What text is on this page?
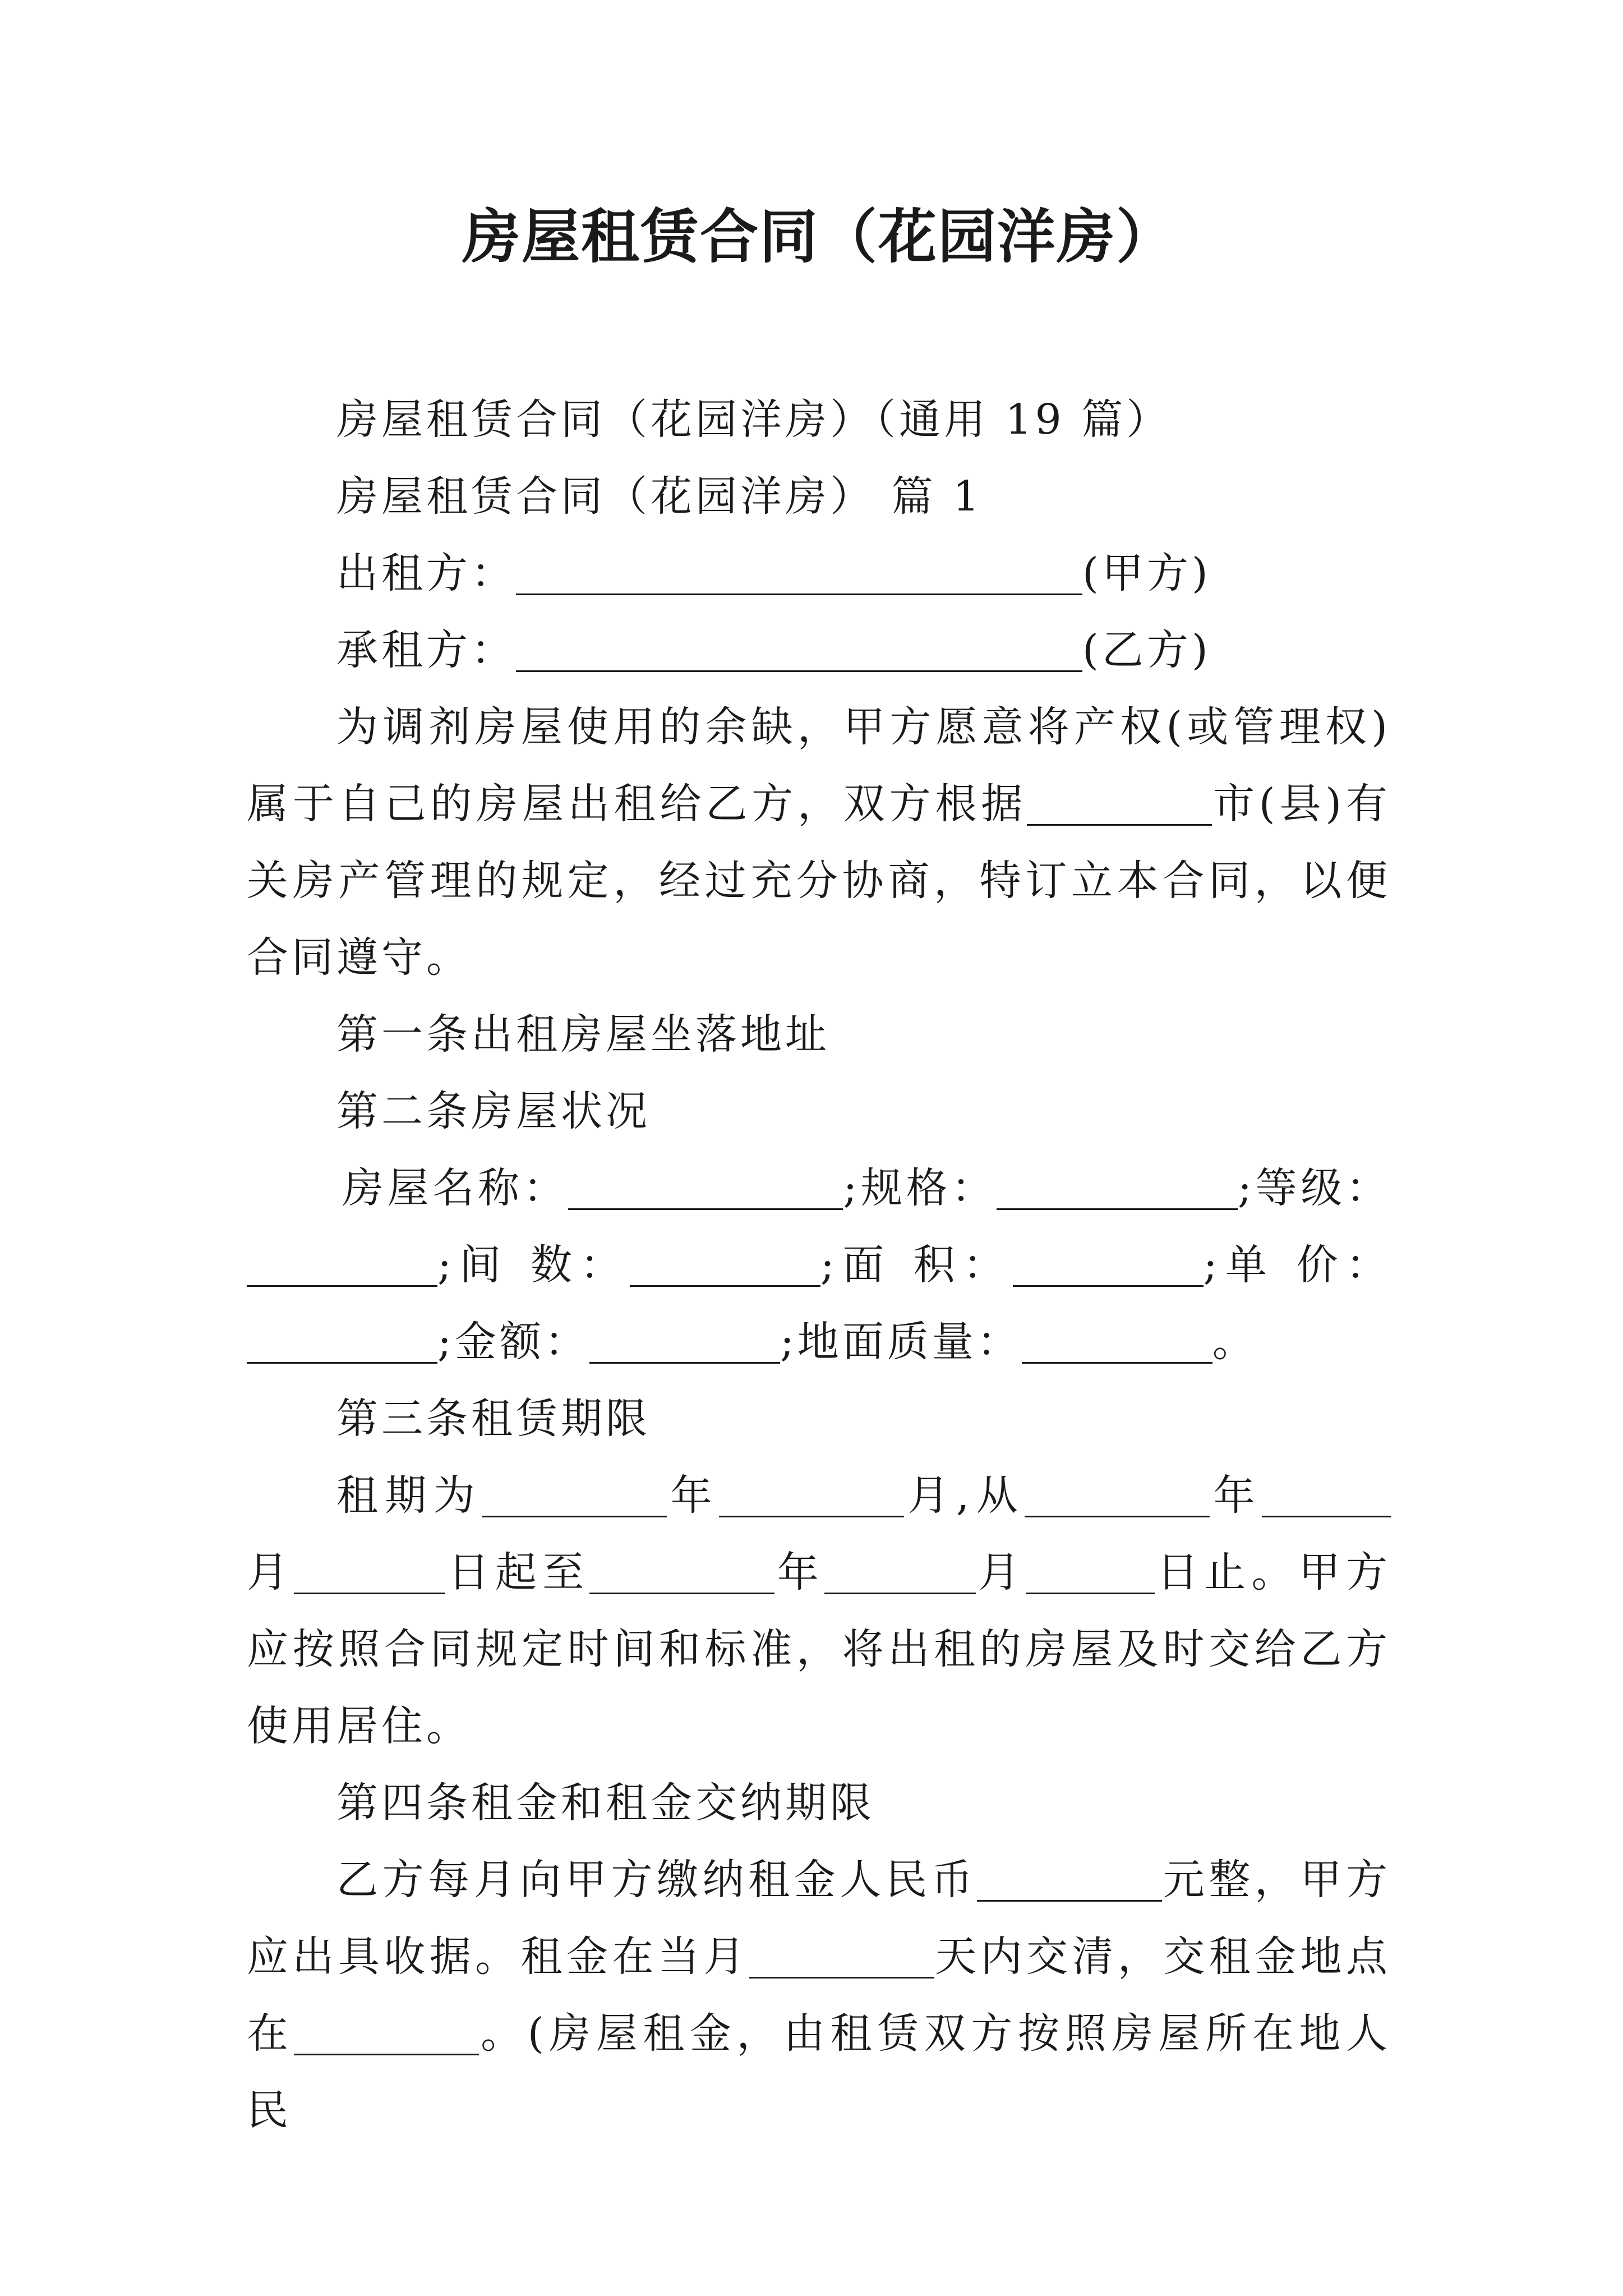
房屋租赁合同（花园洋房）

房屋租赁合同（花园洋房）（通用 19 篇）

房屋租赁合同（花园洋房） 篇 1

出租方：	(甲方)

承租方：	(乙方)

为调剂房屋使用的余缺，甲方愿意将产权(或管理权)属于自己的房屋出租给乙方，双方根据	市(县)有关房产管理的规定，经过充分协商，特订立本合同，以便合同遵守。

第一条出租房屋坐落地址

第二条房屋状况

房屋名称：	;规格：	;等级：;间 数：	;面 积：	;单 价：;金额：	;地面质量：	。

第三条租赁期限

租期为	年	月,从	年月	日起至	年	月	日止。甲方应按照合同规定时间和标准，将出租的房屋及时交给乙方使用居住。

第四条租金和租金交纳期限

乙方每月向甲方缴纳租金人民币	元整，甲方应出具收据。租金在当月	天内交清，交租金地点在	。(房屋租金，由租赁双方按照房屋所在地人民
